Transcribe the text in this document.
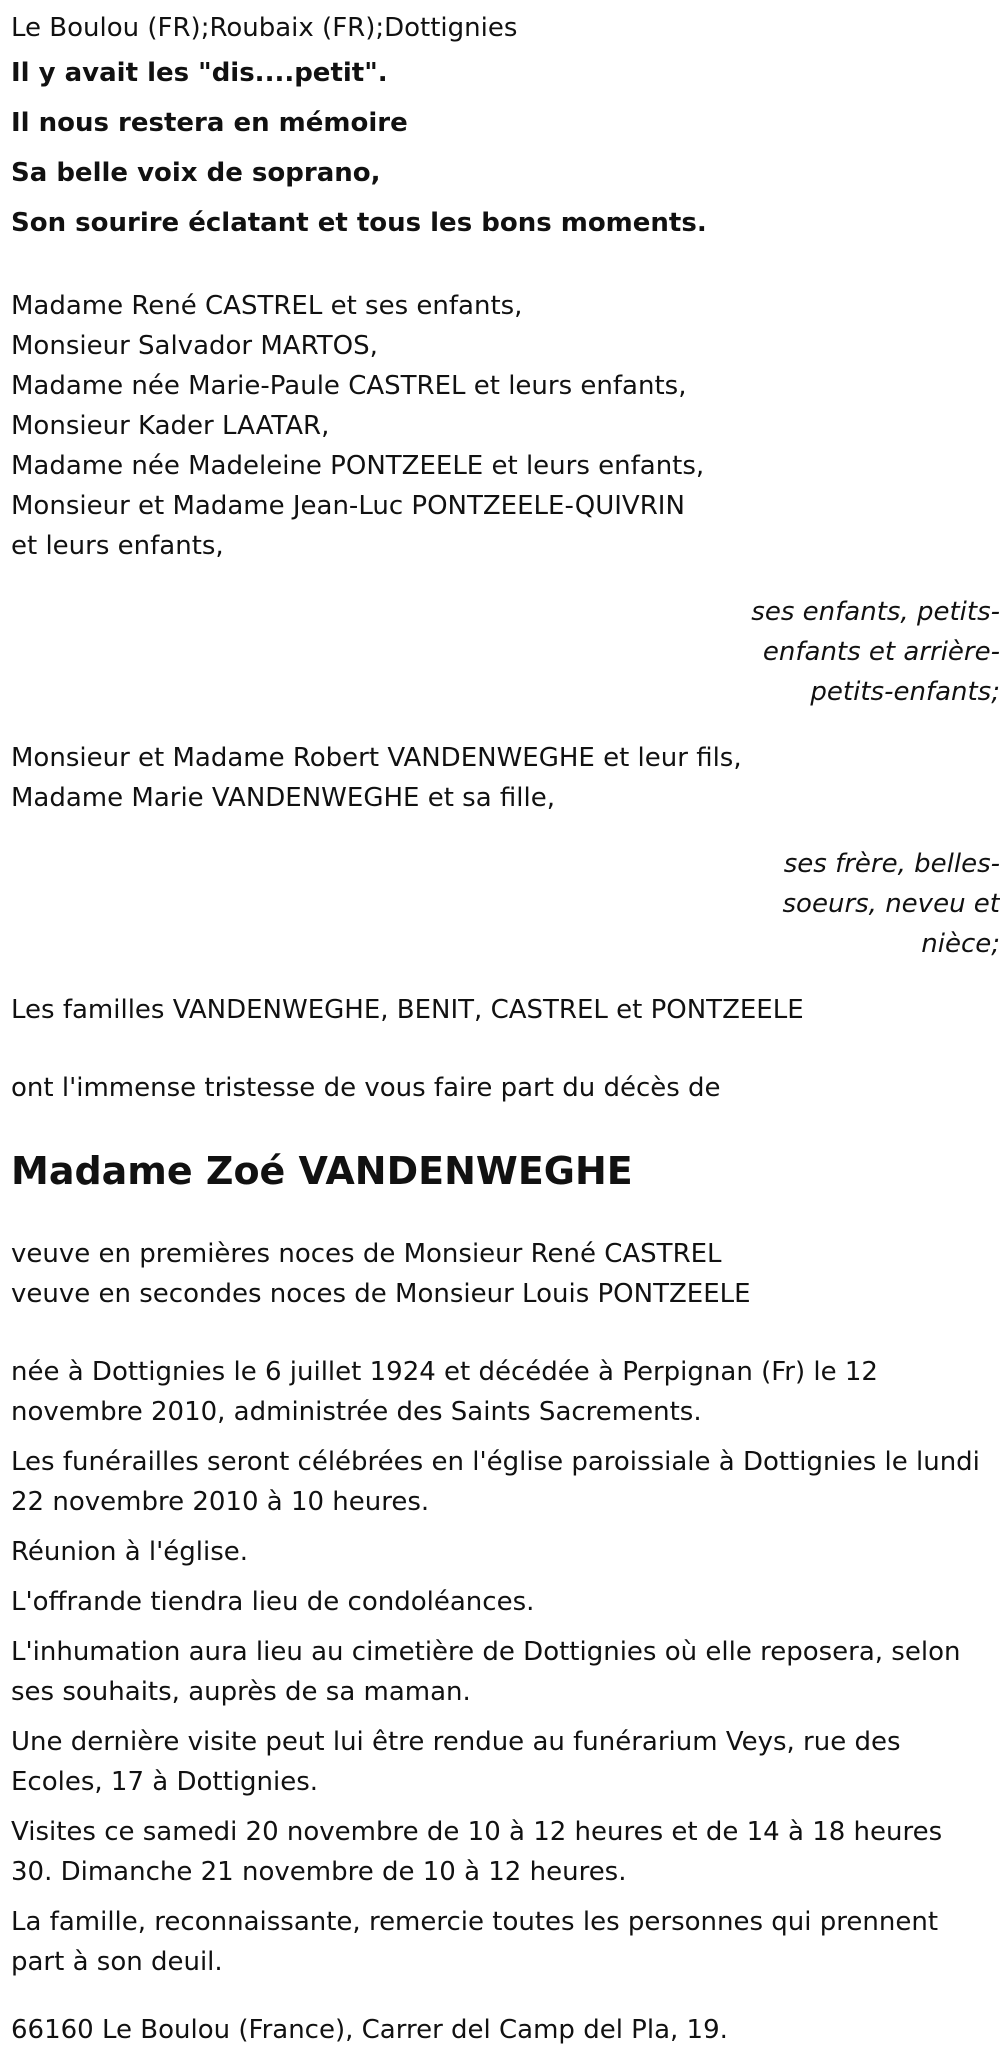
Le Boulou (FR);Roubaix (FR);Dottignies

Il y avait les "dis....petit".

Il nous restera en mémoire

Sa belle voix de soprano,

Son sourire éclatant et tous les bons moments.

Madame René CASTREL et ses enfants,

Monsieur Salvador MARTOS,

Madame née Marie-Paule CASTREL et leurs enfants,

Monsieur Kader LAATAR,

Madame née Madeleine PONTZEELE et leurs enfants,

Monsieur et Madame Jean-Luc PONTZEELE-QUIVRIN

et leurs enfants,

ses enfants, petits-enfants et arrière-petits-enfants;

Monsieur et Madame Robert VANDENWEGHE et leur fils,

Madame Marie VANDENWEGHE et sa fille,

ses frère, belles-soeurs, neveu et nièce;

Les familles VANDENWEGHE, BENIT, CASTREL et PONTZEELE

ont l'immense tristesse de vous faire part du décès de

Madame Zoé VANDENWEGHE

veuve en premières noces de Monsieur René CASTREL

veuve en secondes noces de Monsieur Louis PONTZEELE

née à Dottignies le 6 juillet 1924 et décédée à Perpignan (Fr) le 12 novembre 2010, administrée des Saints Sacrements.

Les funérailles seront célébrées en l'église paroissiale à Dottignies le lundi 22 novembre 2010 à 10 heures.

Réunion à l'église.

L'offrande tiendra lieu de condoléances.

L'inhumation aura lieu au cimetière de Dottignies où elle reposera, selon ses souhaits, auprès de sa maman.

Une dernière visite peut lui être rendue au funérarium Veys, rue des Ecoles, 17 à Dottignies.

Visites ce samedi 20 novembre de 10 à 12 heures et de 14 à 18 heures 30. Dimanche 21 novembre de 10 à 12 heures.

La famille, reconnaissante, remercie toutes les personnes qui prennent part à son deuil.

66160 Le Boulou (France), Carrer del Camp del Pla, 19.
